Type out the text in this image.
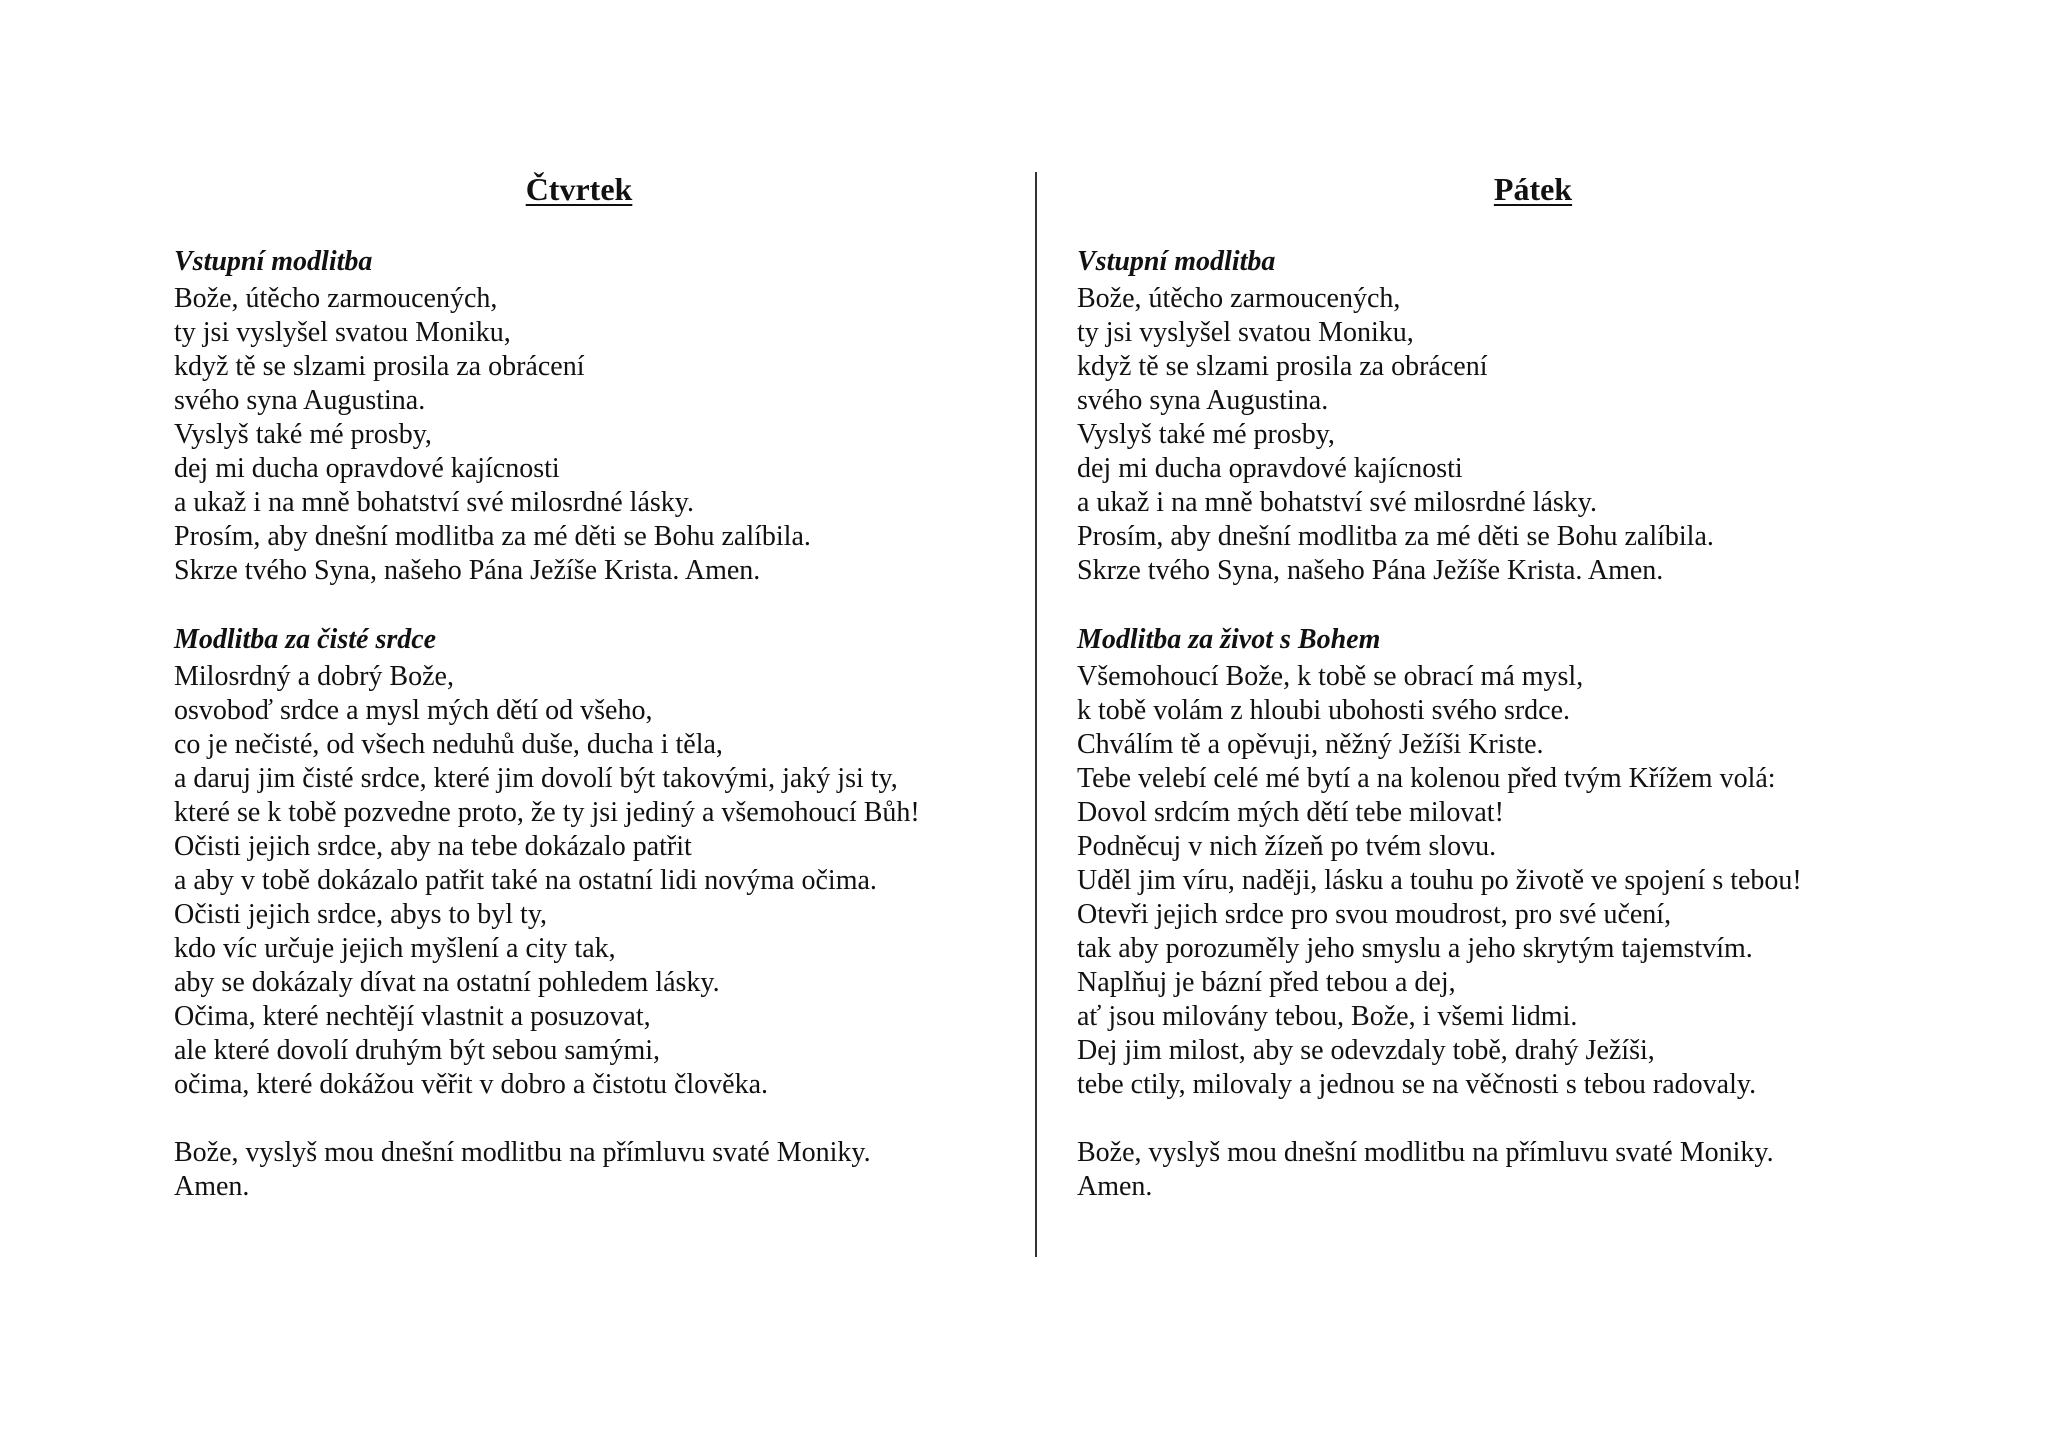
Čtvrtek
Vstupní modlitba
Bože, útěcho zarmoucených,
ty jsi vyslyšel svatou Moniku,
když tě se slzami prosila za obrácení
svého syna Augustina.
Vyslyš také mé prosby,
dej mi ducha opravdové kajícnosti
a ukaž i na mně bohatství své milosrdné lásky.
Prosím, aby dnešní modlitba za mé děti se Bohu zalíbila.
Skrze tvého Syna, našeho Pána Ježíše Krista. Amen.
Modlitba za čisté srdce
Milosrdný a dobrý Bože,
osvoboď srdce a mysl mých dětí od všeho,
co je nečisté, od všech neduhů duše, ducha i těla,
a daruj jim čisté srdce, které jim dovolí být takovými, jaký jsi ty,
které se k tobě pozvedne proto, že ty jsi jediný a všemohoucí Bůh!
Očisti jejich srdce, aby na tebe dokázalo patřit
a aby v tobě dokázalo patřit také na ostatní lidi novýma očima.
Očisti jejich srdce, abys to byl ty,
kdo víc určuje jejich myšlení a city tak,
aby se dokázaly dívat na ostatní pohledem lásky.
Očima, které nechtějí vlastnit a posuzovat,
ale které dovolí druhým být sebou samými,
očima, které dokážou věřit v dobro a čistotu člověka.
Bože, vyslyš mou dnešní modlitbu na přímluvu svaté Moniky.
Amen.
Pátek
Vstupní modlitba
Bože, útěcho zarmoucených,
ty jsi vyslyšel svatou Moniku,
když tě se slzami prosila za obrácení
svého syna Augustina.
Vyslyš také mé prosby,
dej mi ducha opravdové kajícnosti
a ukaž i na mně bohatství své milosrdné lásky.
Prosím, aby dnešní modlitba za mé děti se Bohu zalíbila.
Skrze tvého Syna, našeho Pána Ježíše Krista. Amen.
Modlitba za život s Bohem
Všemohoucí Bože, k tobě se obrací má mysl,
k tobě volám z hloubi ubohosti svého srdce.
Chválím tě a opěvuji, něžný Ježíši Kriste.
Tebe velebí celé mé bytí a na kolenou před tvým Křížem volá:
Dovol srdcím mých dětí tebe milovat!
Podněcuj v nich žízeň po tvém slovu.
Uděl jim víru, naději, lásku a touhu po životě ve spojení s tebou!
Otevři jejich srdce pro svou moudrost, pro své učení,
tak aby porozuměly jeho smyslu a jeho skrytým tajemstvím.
Naplňuj je bázní před tebou a dej,
ať jsou milovány tebou, Bože, i všemi lidmi.
Dej jim milost, aby se odevzdaly tobě, drahý Ježíši,
tebe ctily, milovaly a jednou se na věčnosti s tebou radovaly.
Bože, vyslyš mou dnešní modlitbu na přímluvu svaté Moniky.
Amen.
